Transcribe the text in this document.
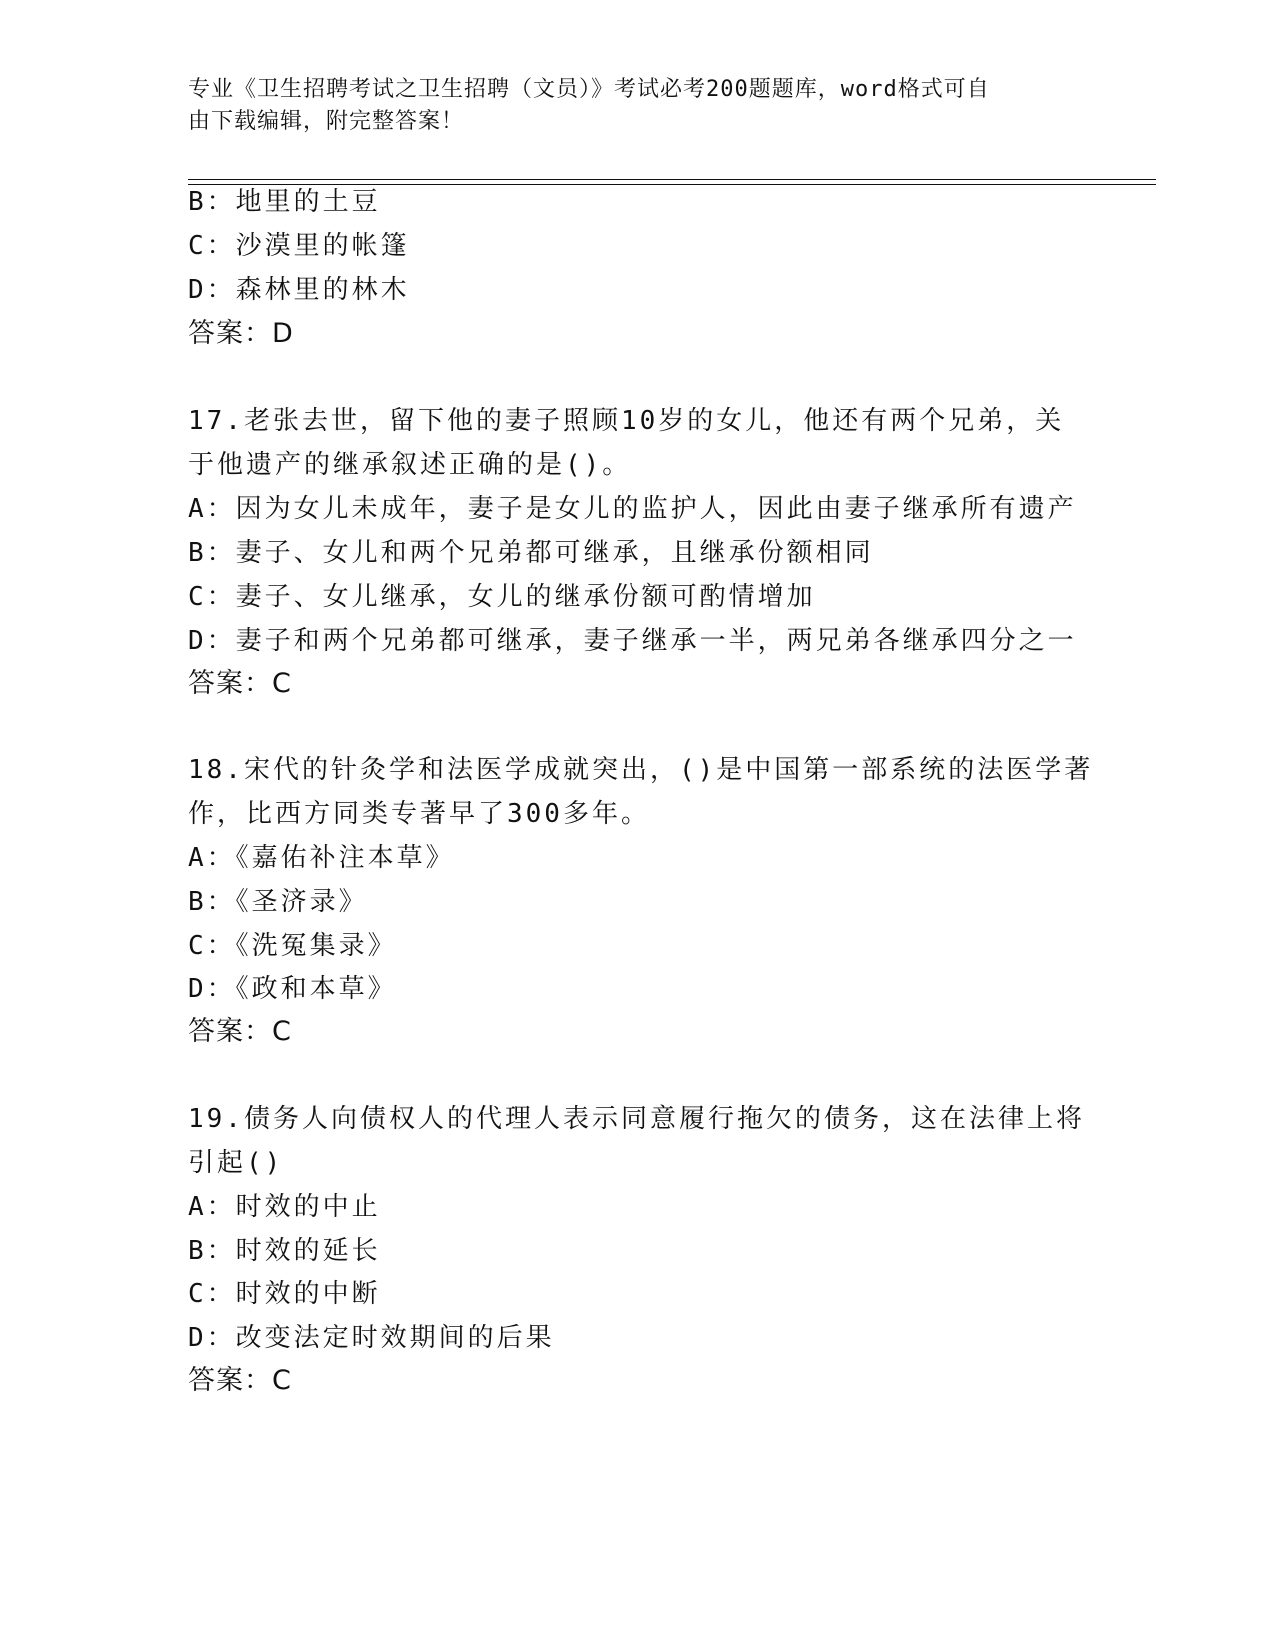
专业《卫生招聘考试之卫生招聘（文员）》考试必考200题题库，word格式可自
由下载编辑，附完整答案！
B：地里的土豆
C：沙漠里的帐篷
D：森林里的林木
答案：D
17.老张去世，留下他的妻子照顾10岁的女儿，他还有两个兄弟，关
于他遗产的继承叙述正确的是()。
A：因为女儿未成年，妻子是女儿的监护人，因此由妻子继承所有遗产
B：妻子、女儿和两个兄弟都可继承，且继承份额相同
C：妻子、女儿继承，女儿的继承份额可酌情增加
D：妻子和两个兄弟都可继承，妻子继承一半，两兄弟各继承四分之一
答案：C
18.宋代的针灸学和法医学成就突出，()是中国第一部系统的法医学著
作，比西方同类专著早了300多年。
A：《嘉佑补注本草》
B：《圣济录》
C：《洗冤集录》
D：《政和本草》
答案：C
19.债务人向债权人的代理人表示同意履行拖欠的债务，这在法律上将
引起()
A：时效的中止
B：时效的延长
C：时效的中断
D：改变法定时效期间的后果
答案：C
